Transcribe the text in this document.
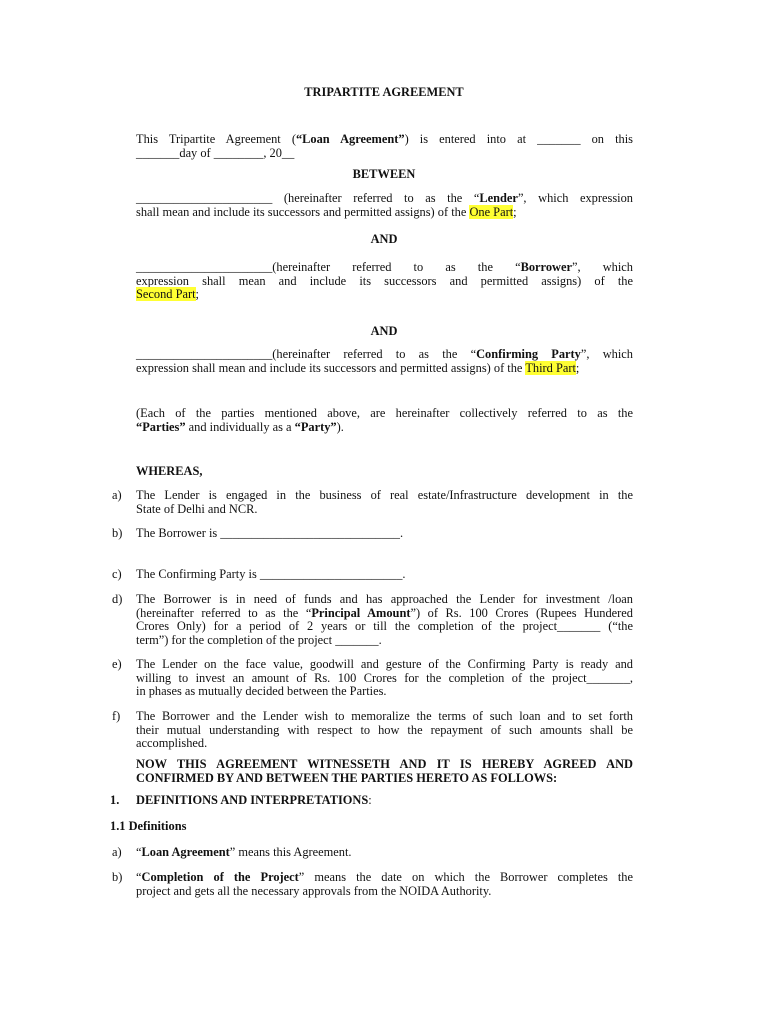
TRIPARTITE AGREEMENT

This Tripartite Agreement (“Loan Agreement”) is entered into at _______ on this
_______day of ________, 20__

BETWEEN

______________________ (hereinafter referred to as the “Lender”, which expression
shall mean and include its successors and permitted assigns) of the One Part;

AND

______________________(hereinafter referred to as the “Borrower”, which
expression shall mean and include its successors and permitted assigns) of the
Second Part;

AND

______________________(hereinafter referred to as the “Confirming Party”, which
expression shall mean and include its successors and permitted assigns) of the Third Part;

(Each of the parties mentioned above, are hereinafter collectively referred to as the
“Parties” and individually as a “Party”).

WHEREAS,

a) The Lender is engaged in the business of real estate/Infrastructure development in the
State of Delhi and NCR.

b) The Borrower is _____________________________.

c) The Confirming Party is _______________________.

d) The Borrower is in need of funds and has approached the Lender for investment /loan
(hereinafter referred to as the “Principal Amount”) of Rs. 100 Crores (Rupees Hundered
Crores Only) for a period of 2 years or till the completion of the project_______ (“the
term”) for the completion of the project _______.

e) The Lender on the face value, goodwill and gesture of the Confirming Party is ready and
willing to invest an amount of Rs. 100 Crores for the completion of the project_______,
in phases as mutually decided between the Parties.

f) The Borrower and the Lender wish to memoralize the terms of such loan and to set forth
their mutual understanding with respect to how the repayment of such amounts shall be
accomplished.

NOW THIS AGREEMENT WITNESSETH AND IT IS HEREBY AGREED AND
CONFIRMED BY AND BETWEEN THE PARTIES HERETO AS FOLLOWS:

1. DEFINITIONS AND INTERPRETATIONS:

1.1 Definitions

a) “Loan Agreement” means this Agreement.

b) “Completion of the Project” means the date on which the Borrower completes the
project and gets all the necessary approvals from the NOIDA Authority.
